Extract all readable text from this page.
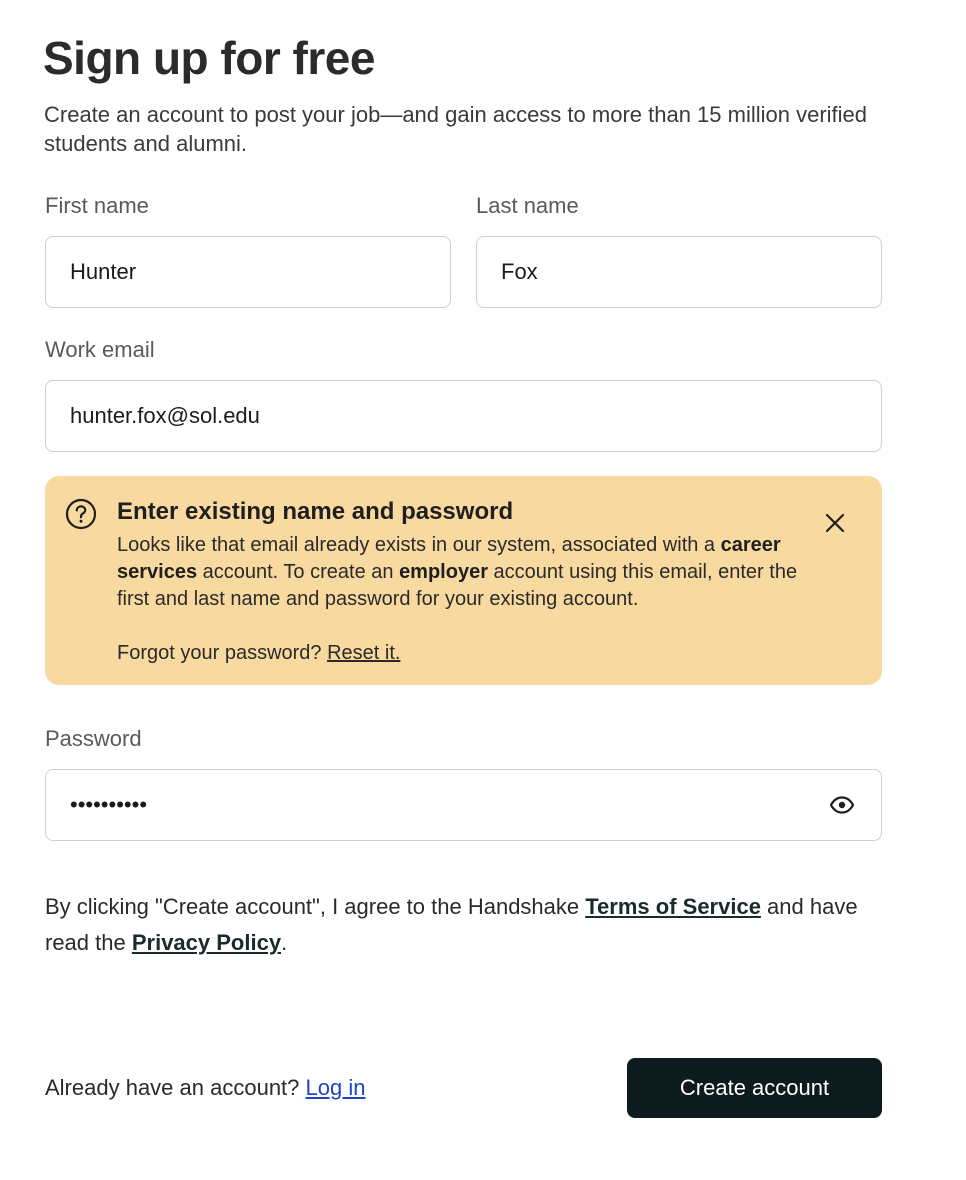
Sign up for free

Create an account to post your job—and gain access to more than 15 million verified students and alumni.

First name
Hunter	Last name
Fox
Work email
hunter.fox@sol.edu
Enter existing name and password
Looks like that email already exists in our system, associated with a career services account. To create an employer account using this email, enter the first and last name and password for your existing account.
Forgot your password? Reset it.
Password
••••••••••

By clicking "Create account", I agree to the Handshake Terms of Service and have read the Privacy Policy.

Already have an account? Log in	Create account
